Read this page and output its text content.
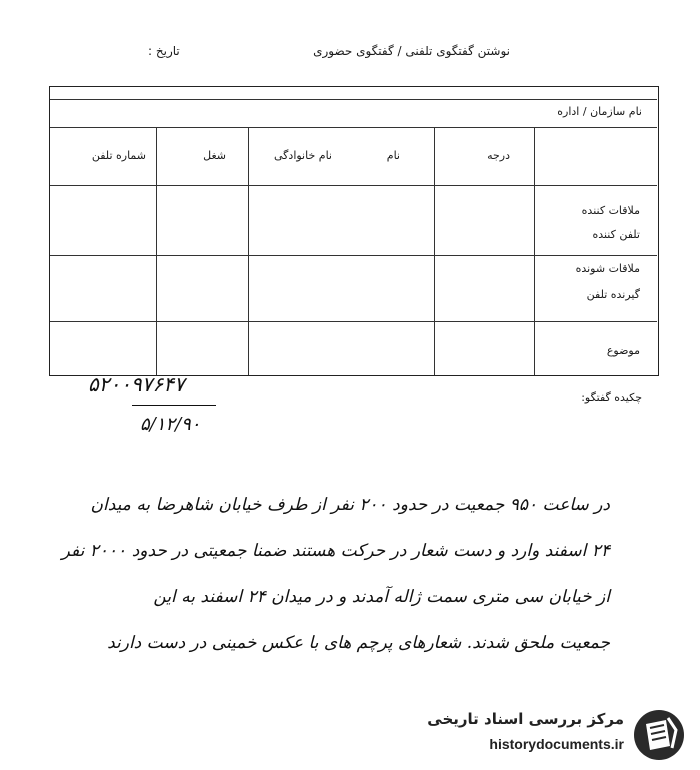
نوشتن گفتگوی تلفنی / گفتگوی حضوری
تاریخ :
نام سازمان / اداره
درجه
نام
نام خانوادگی
شغل
شماره تلفن
ملاقات کننده
تلفن کننده
ملاقات شونده
گیرنده تلفن
موضوع
چکیده گفتگو:
۵۲۰۰۹۷۶۴۷
۵/۱۲/۹۰
در ساعت ۹۵۰ جمعیت در حدود ۲۰۰ نفر از طرف خیابان شاهرضا به میدان
۲۴ اسفند وارد و دست شعار در حرکت هستند ضمنا جمعیتی در حدود ۲۰۰۰ نفر
از خیابان سی متری سمت ژاله آمدند و در میدان ۲۴ اسفند به این
جمعیت ملحق شدند. شعارهای پرچم های با عکس خمینی در دست دارند
مرکز بررسی اسناد تاریخی
historydocuments.ir
